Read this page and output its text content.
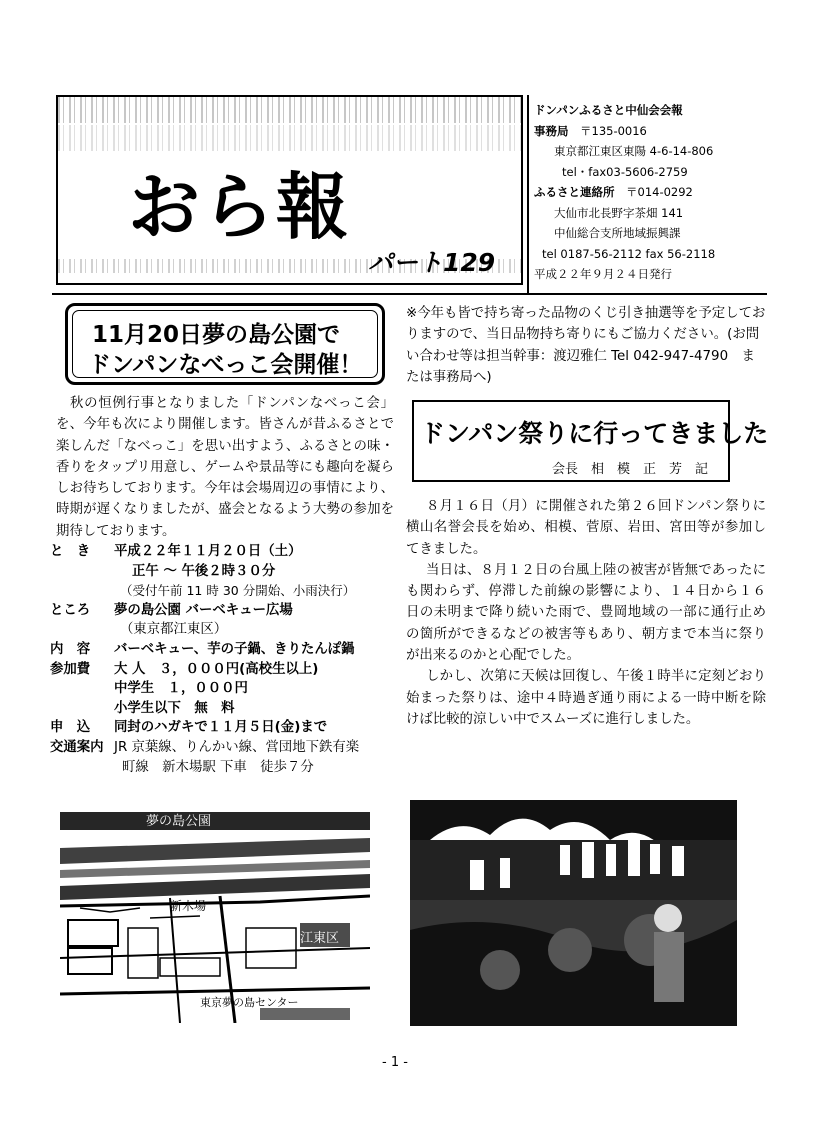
おら報
パート129
ドンパンふるさと中仙会会報
事務局　 〒135-0016
東京都江東区東陽 4-6-14-806
tel・fax03-5606-2759
ふるさと連絡所　 〒014-0292
大仙市北長野字茶畑 141
中仙総合支所地域振興課
tel 0187-56-2112 fax 56-2118
平成２２年９月２４日発行
11月20日夢の島公園で
ドンパンなべっこ会開催！

秋の恒例行事となりました「ドンパンなべっこ会」を、今年も次により開催します。皆さんが昔ふるさとで楽しんだ「なべっこ」を思い出すよう、ふるさとの味・香りをタップリ用意し、ゲームや景品等にも趣向を凝らしお待ちしております。今年は会場周辺の事情により、時期が遅くなりましたが、盛会となるよう大勢の参加を期待しております。

と　き 平成２２年１１月２０日（土）
正午 ～ 午後２時３０分
（受付午前 11 時 30 分開始、小雨決行）
ところ 夢の島公園 バーベキュー広場
（東京都江東区）
内　容 バーベキュー、芋の子鍋、きりたんぽ鍋
参加費 大 人　３，０００円(高校生以上)
中学生　１，０００円
小学生以下　無　料
申　込 同封のハガキで１１月５日(金)まで
交通案内 JR 京葉線、りんかい線、営団地下鉄有楽
町線　新木場駅 下車　徒歩７分
夢の島公園
新木場
江東区
東京夢の島センター

※今年も皆で持ち寄った品物のくじ引き抽選等を予定しておりますので、当日品物持ち寄りにもご協力ください。(お問い合わせ等は担当幹事：渡辺雅仁 Tel 042-947-4790　または事務局へ)

ドンパン祭りに行ってきました
会長　相　模　正　芳　記

８月１６日（月）に開催された第２６回ドンパン祭りに横山名誉会長を始め、相模、菅原、岩田、宮田等が参加してきました。

当日は、８月１２日の台風上陸の被害が皆無であったにも関わらず、停滞した前線の影響により、１４日から１６日の未明まで降り続いた雨で、豊岡地域の一部に通行止めの箇所ができるなどの被害等もあり、朝方まで本当に祭りが出来るのかと心配でした。

しかし、次第に天候は回復し、午後１時半に定刻どおり始まった祭りは、途中４時過ぎ通り雨による一時中断を除けば比較的涼しい中でスムーズに進行しました。

- 1 -
